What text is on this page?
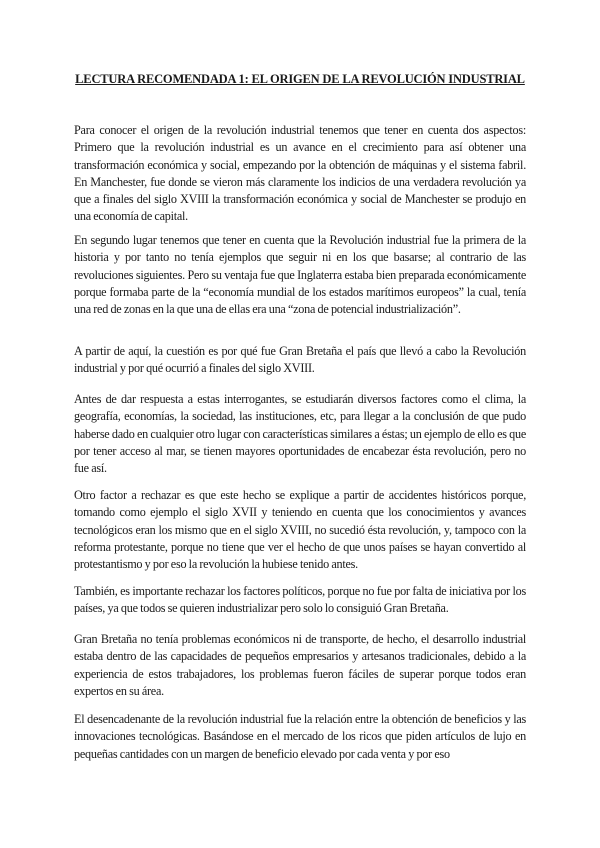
LECTURA RECOMENDADA 1: EL ORIGEN DE LA REVOLUCIÓN INDUSTRIAL

Para conocer el origen de la revolución industrial tenemos que tener en cuenta dos aspectos: Primero que la revolución industrial es un avance en el crecimiento para así obtener una transformación económica y social, empezando por la obtención de máquinas y el sistema fabril. En Manchester, fue donde se vieron más claramente los indicios de una verdadera revolución ya que a finales del siglo XVIII la transformación económica y social de Manchester se produjo en una economía de capital.

En segundo lugar tenemos que tener en cuenta que la Revolución industrial fue la primera de la historia y por tanto no tenía ejemplos que seguir ni en los que basarse; al contrario de las revoluciones siguientes. Pero su ventaja fue que Inglaterra estaba bien preparada económicamente porque formaba parte de la “economía mundial de los estados marítimos europeos” la cual, tenía una red de zonas en la que una de ellas era una “zona de potencial industrialización”.

A partir de aquí, la cuestión es por qué fue Gran Bretaña el país que llevó a cabo la Revolución industrial y por qué ocurrió a finales del siglo XVIII.

Antes de dar respuesta a estas interrogantes, se estudiarán diversos factores como el clima, la geografía, economías, la sociedad, las instituciones, etc, para llegar a la conclusión de que pudo haberse dado en cualquier otro lugar con características similares a éstas; un ejemplo de ello es que por tener acceso al mar, se tienen mayores oportunidades de encabezar ésta revolución, pero no fue así.

Otro factor a rechazar es que este hecho se explique a partir de accidentes históricos porque, tomando como ejemplo el siglo XVII y teniendo en cuenta que los conocimientos y avances tecnológicos eran los mismo que en el siglo XVIII, no sucedió ésta revolución, y, tampoco con la reforma protestante, porque no tiene que ver el hecho de que unos países se hayan convertido al protestantismo y por eso la revolución la hubiese tenido antes.

También, es importante rechazar los factores políticos, porque no fue por falta de iniciativa por los países, ya que todos se quieren industrializar pero solo lo consiguió Gran Bretaña.

Gran Bretaña no tenía problemas económicos ni de transporte, de hecho, el desarrollo industrial estaba dentro de las capacidades de pequeños empresarios y artesanos tradicionales, debido a la experiencia de estos trabajadores, los problemas fueron fáciles de superar porque todos eran expertos en su área.

El desencadenante de la revolución industrial fue la relación entre la obtención de beneficios y las innovaciones tecnológicas. Basándose en el mercado de los ricos que piden artículos de lujo en pequeñas cantidades con un margen de beneficio elevado por cada venta y por eso
